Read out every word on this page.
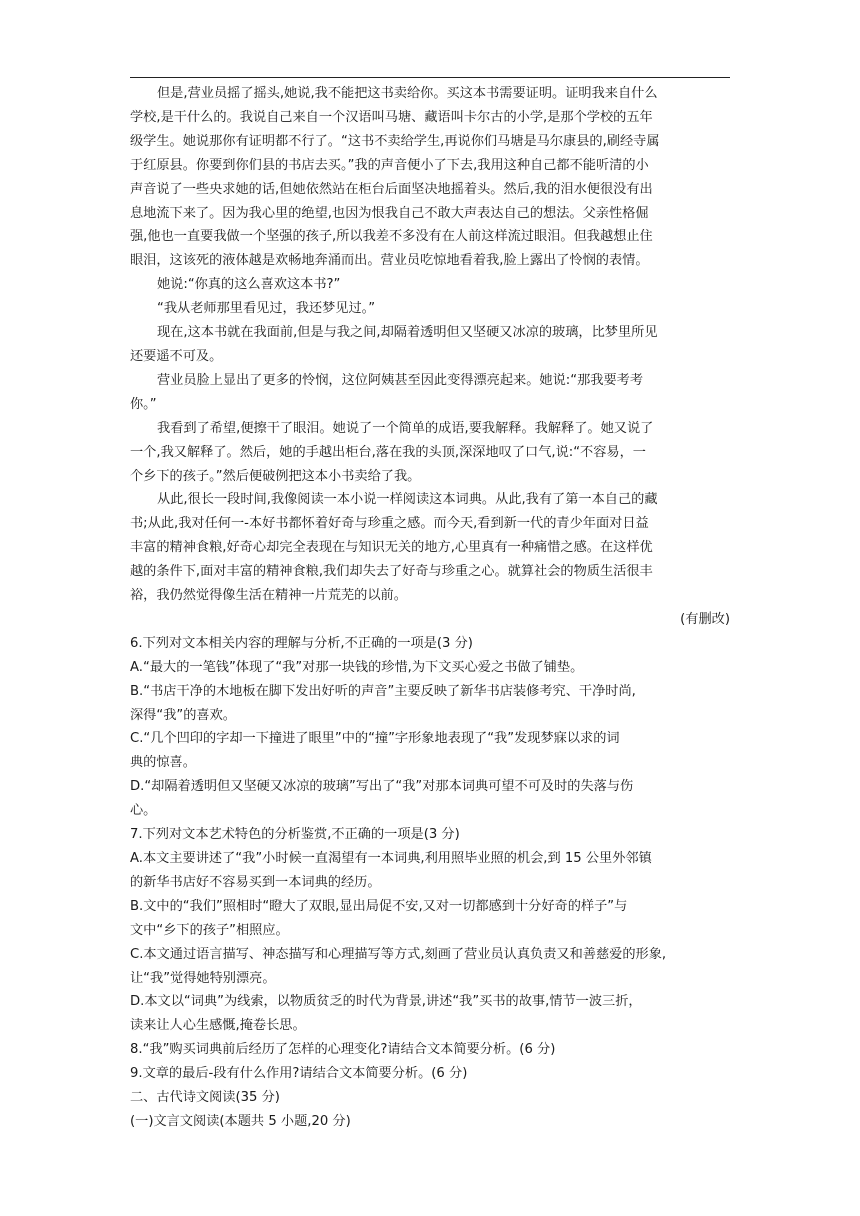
但是,营业员摇了摇头,她说,我不能把这书卖给你。买这本书需要证明。证明我来自什么
学校,是干什么的。我说自己来自一个汉语叫马塘、藏语叫卡尔古的小学,是那个学校的五年
级学生。她说那你有证明都不行了。“这书不卖给学生,再说你们马塘是马尔康县的,刷经寺属
于红原县。你要到你们县的书店去买。”我的声音便小了下去,我用这种自己都不能听清的小
声音说了一些央求她的话,但她依然站在柜台后面坚决地摇着头。然后,我的泪水便很没有出
息地流下来了。因为我心里的绝望,也因为恨我自己不敢大声表达自己的想法。父亲性格倔
强,他也一直要我做一个坚强的孩子,所以我差不多没有在人前这样流过眼泪。但我越想止住
眼泪，这该死的液体越是欢畅地奔涌而出。营业员吃惊地看着我,脸上露出了怜悯的表情。
她说:“你真的这么喜欢这本书?”
“我从老师那里看见过，我还梦见过。”
现在,这本书就在我面前,但是与我之间,却隔着透明但又坚硬又冰凉的玻璃，比梦里所见
还要遥不可及。
营业员脸上显出了更多的怜悯，这位阿姨甚至因此变得漂亮起来。她说:“那我要考考
你。”
我看到了希望,便擦干了眼泪。她说了一个简单的成语,要我解释。我解释了。她又说了
一个,我又解释了。然后，她的手越出柜台,落在我的头顶,深深地叹了口气,说:“不容易，一
个乡下的孩子。”然后便破例把这本小书卖给了我。
从此,很长一段时间,我像阅读一本小说一样阅读这本词典。从此,我有了第一本自己的藏
书;从此,我对任何一-本好书都怀着好奇与珍重之感。而今天,看到新一代的青少年面对日益
丰富的精神食粮,好奇心却完全表现在与知识无关的地方,心里真有一种痛惜之感。在这样优
越的条件下,面对丰富的精神食粮,我们却失去了好奇与珍重之心。就算社会的物质生活很丰
裕，我仍然觉得像生活在精神一片荒芜的以前。
(有删改)
6.下列对文本相关内容的理解与分析,不正确的一项是(3 分)
A.“最大的一笔钱”体现了“我”对那一块钱的珍惜,为下文买心爱之书做了铺垫。
B.“书店干净的木地板在脚下发出好听的声音”主要反映了新华书店装修考究、干净时尚,
深得“我”的喜欢。
C.“几个凹印的字却一下撞进了眼里”中的“撞”字形象地表现了“我”发现梦寐以求的词
典的惊喜。
D.“却隔着透明但又坚硬又冰凉的玻璃”写出了“我”对那本词典可望不可及时的失落与伤
心。
7.下列对文本艺术特色的分析鉴赏,不正确的一项是(3 分)
A.本文主要讲述了“我”小时候一直渴望有一本词典,利用照毕业照的机会,到 15 公里外邻镇
的新华书店好不容易买到一本词典的经历。
B.文中的“我们”照相时“瞪大了双眼,显出局促不安,又对一切都感到十分好奇的样子”与
文中“乡下的孩子”相照应。
C.本文通过语言描写、神态描写和心理描写等方式,刻画了营业员认真负责又和善慈爱的形象,
让“我”觉得她特别漂亮。
D.本文以“词典”为线索，以物质贫乏的时代为背景,讲述“我”买书的故事,情节一波三折，
读来让人心生感慨,掩卷长思。
8.“我”购买词典前后经历了怎样的心理变化?请结合文本简要分析。(6 分)
9.文章的最后-段有什么作用?请结合文本简要分析。(6 分)
二、古代诗文阅读(35 分)
(一)文言文阅读(本题共 5 小题,20 分)
